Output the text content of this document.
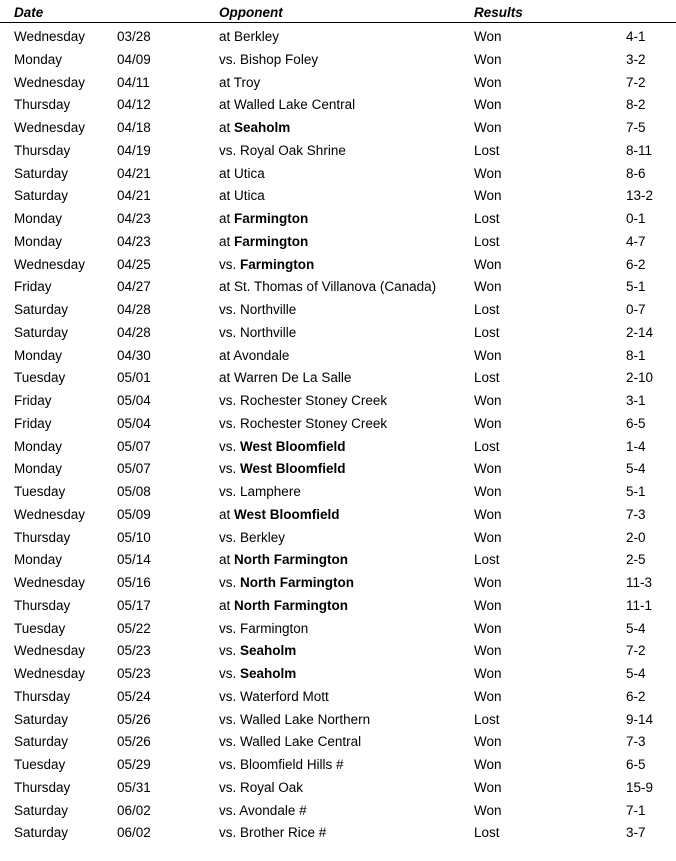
Date	Opponent	Results
Wednesday 03/28	at Berkley	Won	4-1
Monday	04/09	vs. Bishop Foley	Won	3-2
Wednesday 04/11	at Troy	Won	7-2
Thursday	04/12	at Walled Lake Central	Won	8-2
Wednesday 04/18	at Seaholm	Won	7-5
Thursday	04/19	vs. Royal Oak Shrine	Lost	8-11
Saturday	04/21	at Utica	Won	8-6
Saturday	04/21	at Utica	Won	13-2
Monday	04/23	at Farmington	Lost	0-1
Monday	04/23	at Farmington	Lost	4-7
Wednesday 04/25	vs. Farmington	Won	6-2
Friday	04/27	at St. Thomas of Villanova (Canada)	Won	5-1
Saturday	04/28	vs. Northville	Lost	0-7
Saturday	04/28	vs. Northville	Lost	2-14
Monday	04/30	at Avondale	Won	8-1
Tuesday	05/01	at Warren De La Salle	Lost	2-10
Friday	05/04	vs. Rochester Stoney Creek	Won	3-1
Friday	05/04	vs. Rochester Stoney Creek	Won	6-5
Monday	05/07	vs. West Bloomfield	Lost	1-4
Monday	05/07	vs. West Bloomfield	Won	5-4
Tuesday	05/08	vs. Lamphere	Won	5-1
Wednesday 05/09	at West Bloomfield	Won	7-3
Thursday	05/10	vs. Berkley	Won	2-0
Monday	05/14	at North Farmington	Lost	2-5
Wednesday 05/16	vs. North Farmington	Won	11-3
Thursday	05/17	at North Farmington	Won	11-1
Tuesday	05/22	vs. Farmington	Won	5-4
Wednesday 05/23	vs. Seaholm	Won	7-2
Wednesday 05/23	vs. Seaholm	Won	5-4
Thursday	05/24	vs. Waterford Mott	Won	6-2
Saturday	05/26	vs. Walled Lake Northern	Lost	9-14
Saturday	05/26	vs. Walled Lake Central	Won	7-3
Tuesday	05/29	vs. Bloomfield Hills #	Won	6-5
Thursday	05/31	vs. Royal Oak	Won	15-9
Saturday	06/02	vs. Avondale #	Won	7-1
Saturday	06/02	vs. Brother Rice #	Lost	3-7
